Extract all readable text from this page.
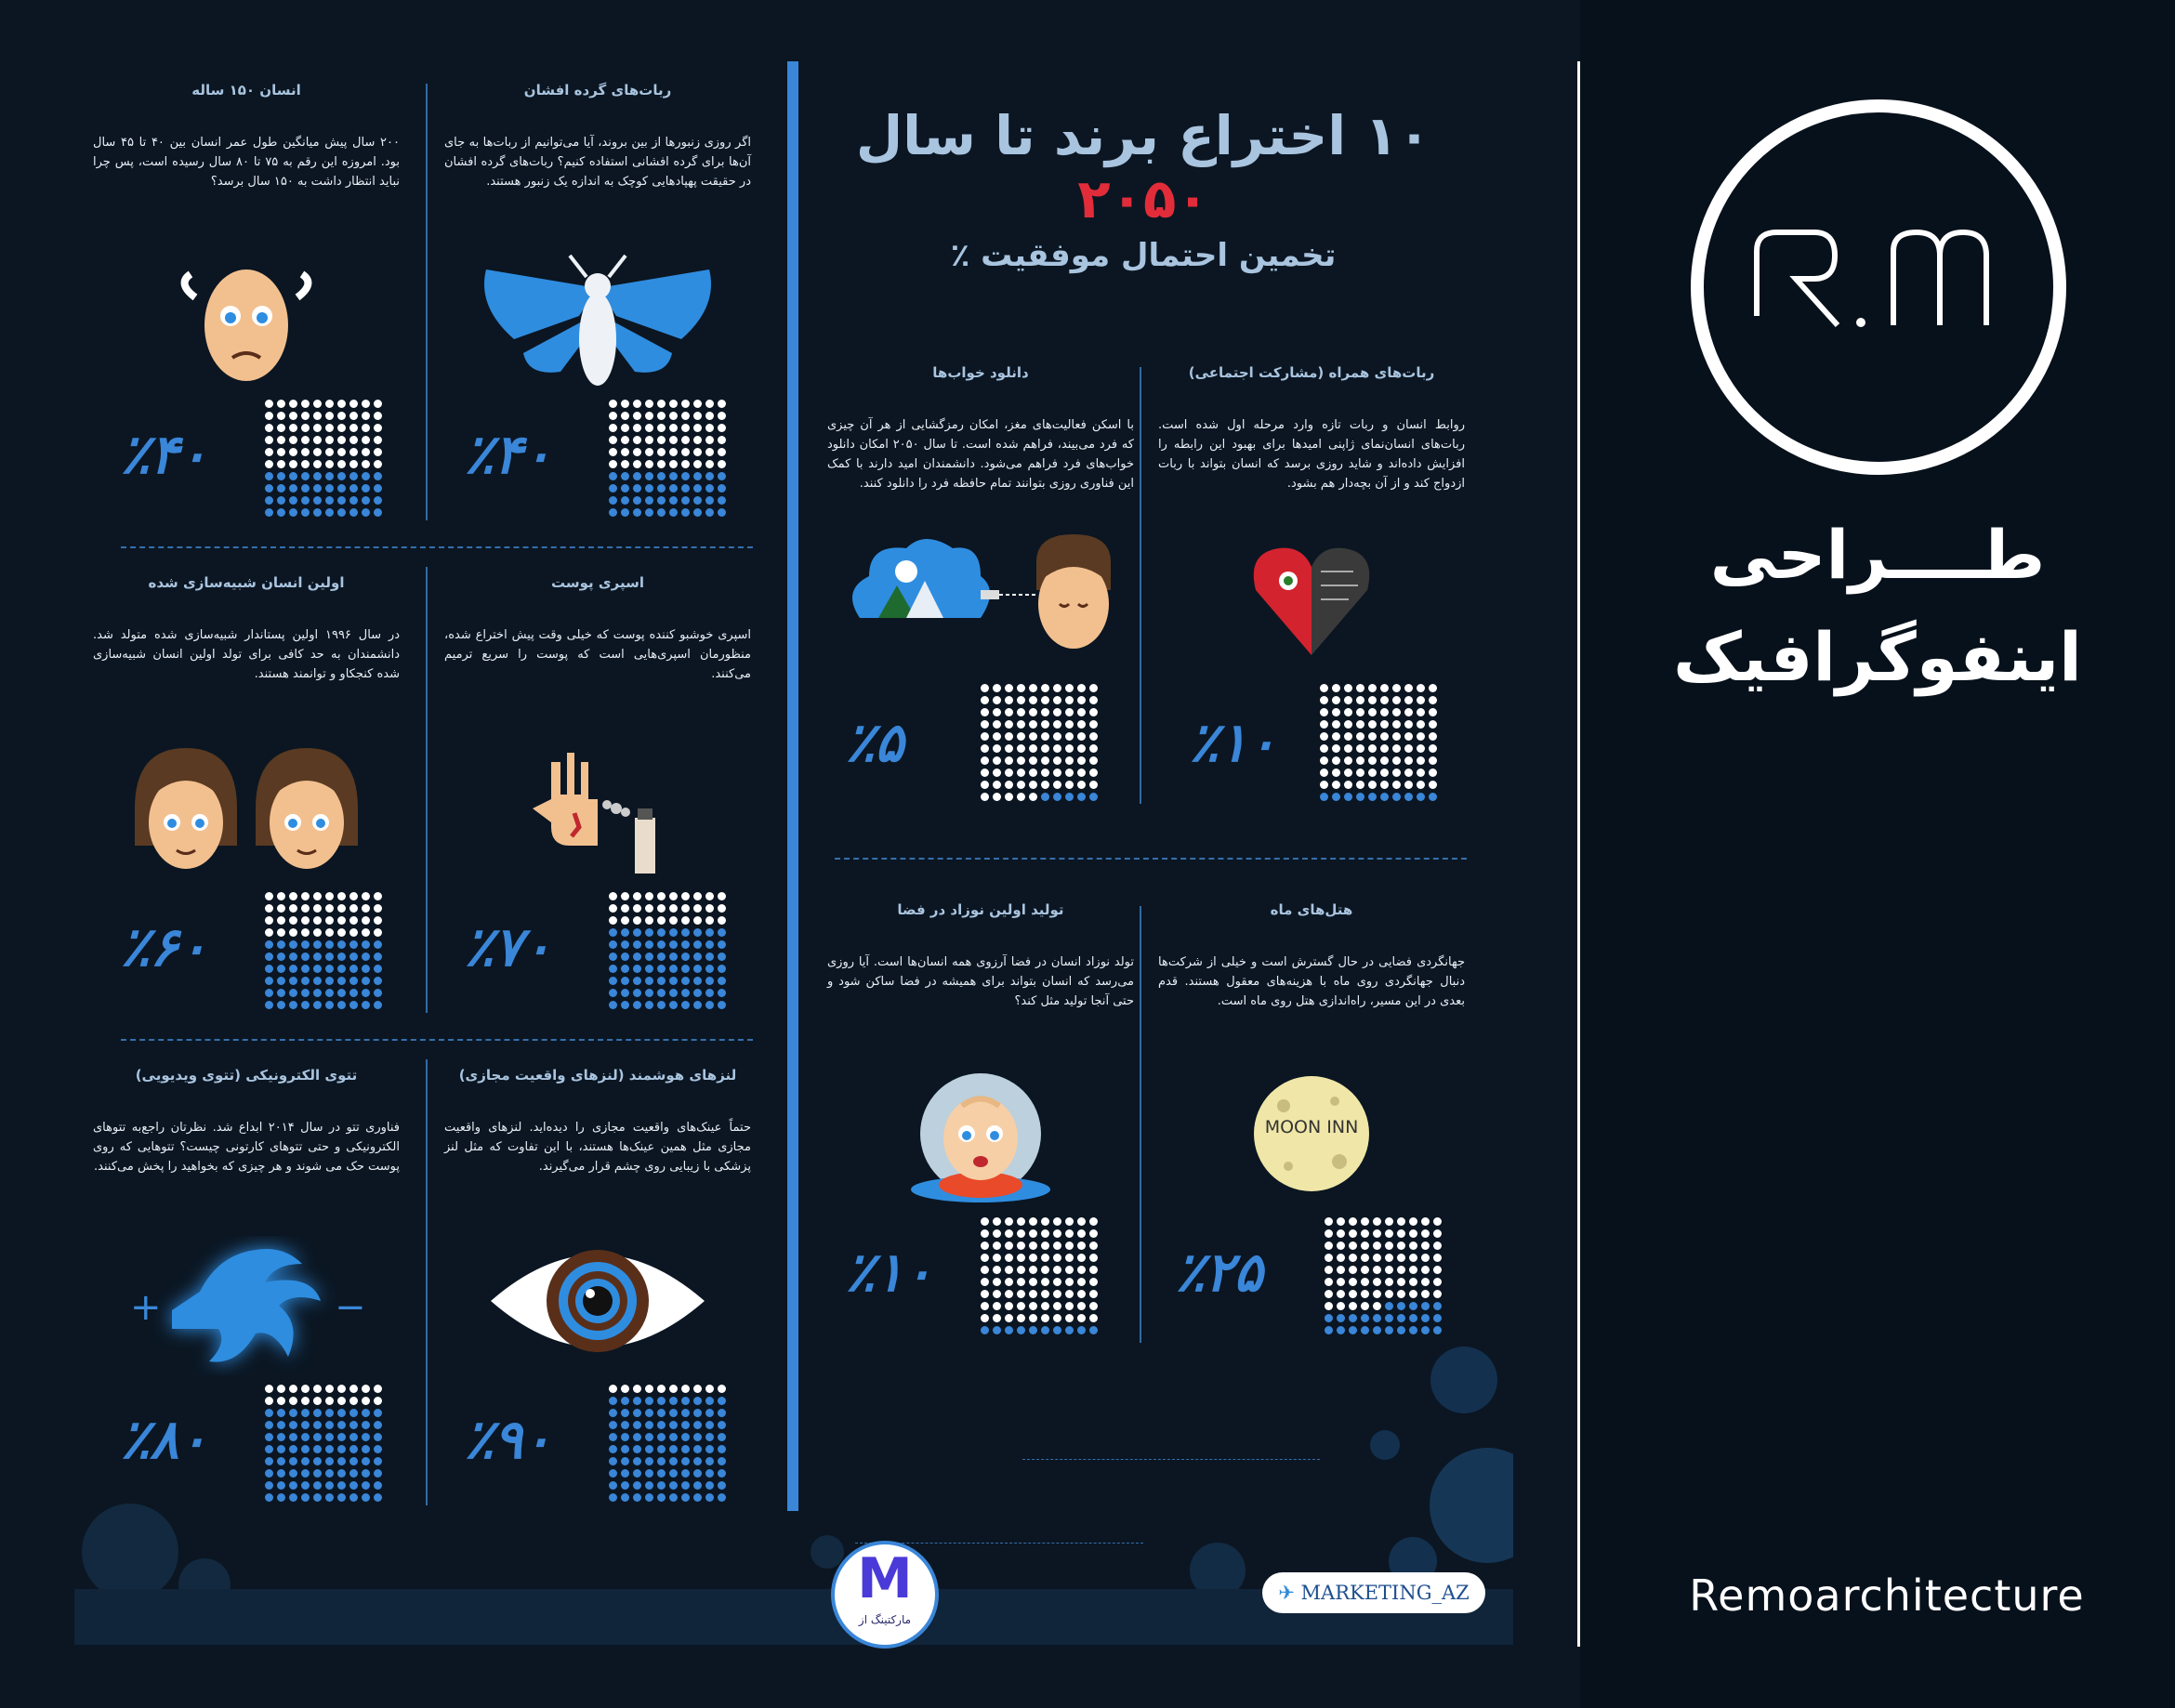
طــــراحی
اینفوگرافیک
Remoarchitecture
۱۰ اختراع برند تا سال ۲۰۵۰
تخمین احتمال موفقیت ٪
ربات‌های گرده افشان
اگر روزی زنبورها از بین بروند، آیا می‌توانیم از ربات‌ها به جای آن‌ها برای گرده افشانی استفاده کنیم؟ ربات‌های گرده افشان در حقیقت پهپادهایی کوچک به اندازه یک زنبور هستند.
٪۴۰
انسان ۱۵۰ ساله
۲۰۰ سال پیش میانگین طول عمر انسان بین ۴۰ تا ۴۵ سال بود. امروزه این رقم به ۷۵ تا ۸۰ سال رسیده است، پس چرا نباید انتظار داشت به ۱۵۰ سال برسد؟
٪۴۰
اسپری پوست
اسپری خوشبو کننده پوست که خیلی وقت پیش اختراع شده، منظورمان اسپری‌هایی است که پوست را سریع ترمیم می‌کنند.
٪۷۰
اولین انسان شبیه‌سازی شده
در سال ۱۹۹۶ اولین پستاندار شبیه‌سازی شده متولد شد. دانشمندان به حد کافی برای تولد اولین انسان شبیه‌سازی شده کنجکاو و توانمند هستند.
٪۶۰
لنزهای هوشمند (لنزهای واقعیت مجازی)
حتماً عینک‌های واقعیت مجازی را دیده‌اید. لنزهای واقعیت مجازی مثل همین عینک‌ها هستند، با این تفاوت که مثل لنز پزشکی با زیبایی روی چشم قرار می‌گیرند.
٪۹۰
تتوی الکترونیکی (تتوی ویدیویی)
فناوری تتو در سال ۲۰۱۴ ابداع شد. نظرتان راجع‌به تتوهای الکترونیکی و حتی تتوهای کارتونی چیست؟ تتوهایی که روی پوست حک می شوند و هر چیزی که بخواهید را پخش می‌کنند.
+	−
٪۸۰
ربات‌های همراه (مشارکت اجتماعی)
روابط انسان و ربات تازه وارد مرحله اول شده است. ربات‌های انسان‌نمای ژاپنی امیدها برای بهبود این رابطه را افزایش داده‌اند و شاید روزی برسد که انسان بتواند با ربات ازدواج کند و از آن بچه‌دار هم بشود.
٪۱۰
دانلود خواب‌ها
با اسکن فعالیت‌های مغز، امکان رمزگشایی از هر آن چیزی که فرد می‌بیند، فراهم شده است. تا سال ۲۰۵۰ امکان دانلود خواب‌های فرد فراهم می‌شود. دانشمندان امید دارند با کمک این فناوری روزی بتوانند تمام حافظه فرد را دانلود کنند.
٪۵
هتل‌های ماه
جهانگردی فضایی در حال گسترش است و خیلی از شرکت‌ها دنبال جهانگردی روی ماه با هزینه‌های معقول هستند. قدم بعدی در این مسیر، راه‌اندازی هتل روی ماه است.
MOON INN
٪۲۵
تولید اولین نوزاد در فضا
تولد نوزاد انسان در فضا آرزوی همه انسان‌ها است. آیا روزی می‌رسد که انسان بتواند برای همیشه در فضا ساکن شود و حتی آنجا تولید مثل کند؟
٪۱۰
M
مارکتینگ از
✈ MARKETING_AZ
